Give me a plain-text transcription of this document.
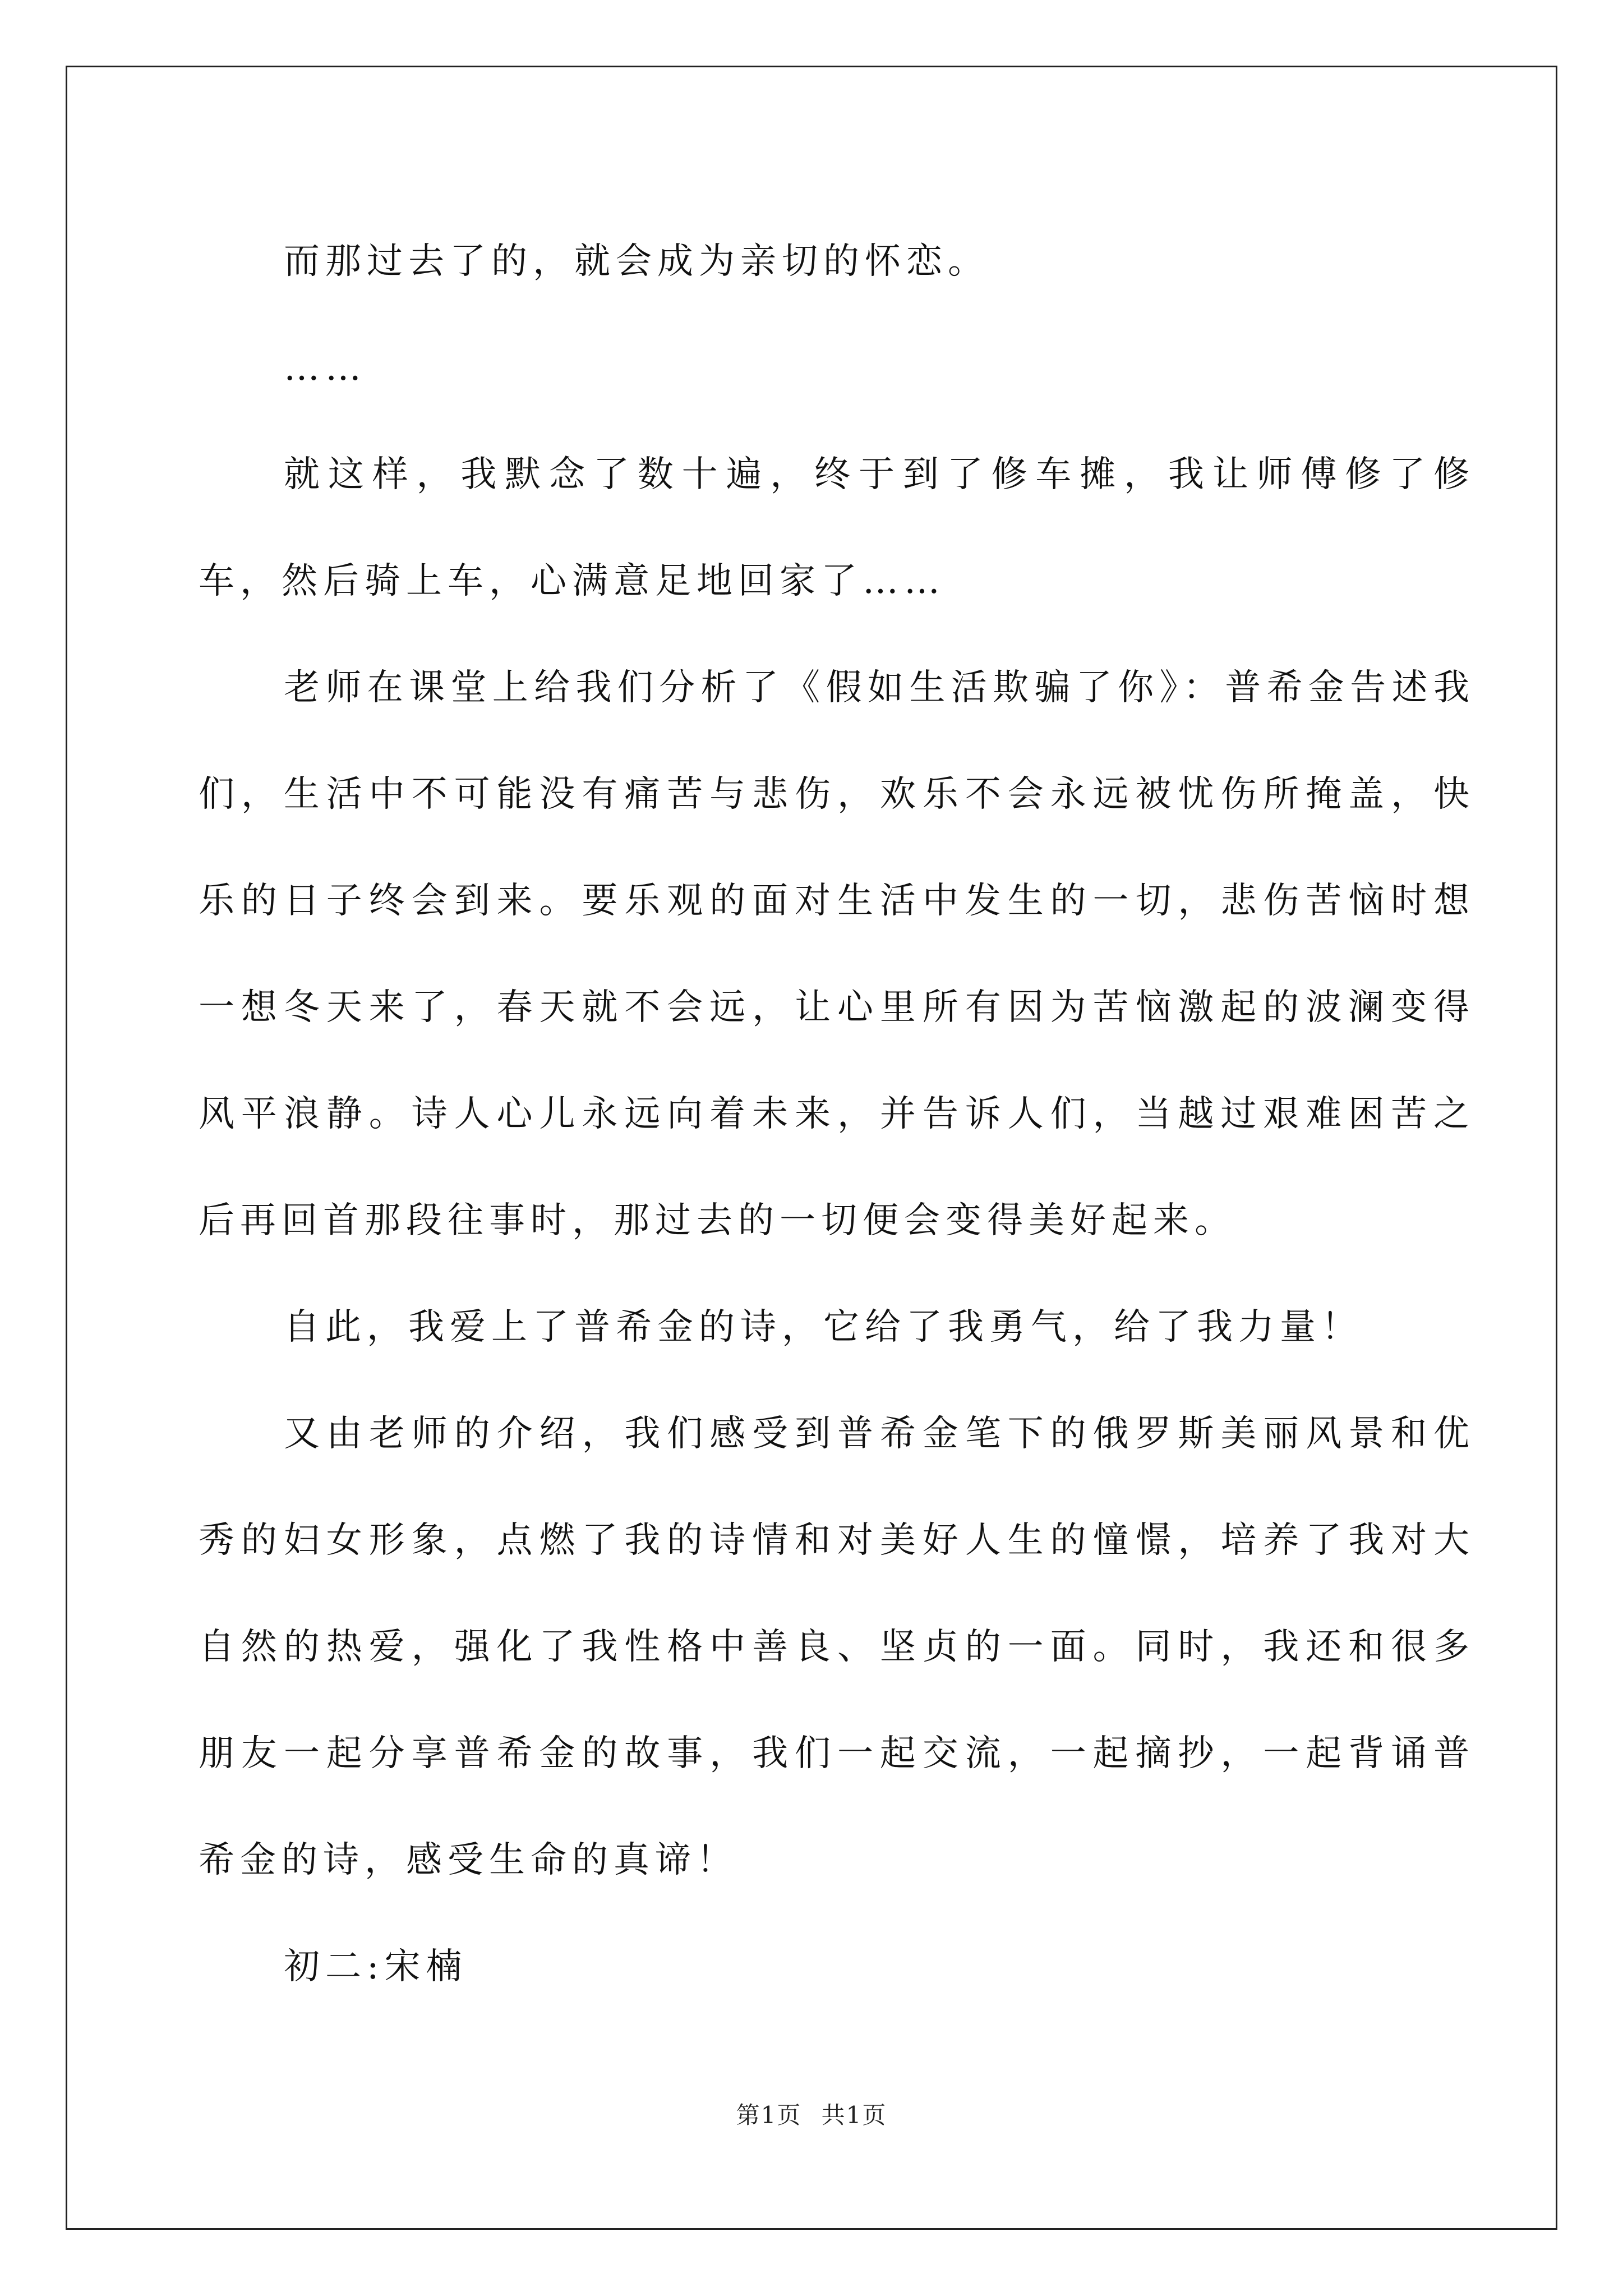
而那过去了的，就会成为亲切的怀恋。

……

就这样，我默念了数十遍，终于到了修车摊，我让师傅修了修车，然后骑上车，心满意足地回家了……

老师在课堂上给我们分析了《假如生活欺骗了你》：普希金告述我们，生活中不可能没有痛苦与悲伤，欢乐不会永远被忧伤所掩盖，快乐的日子终会到来。要乐观的面对生活中发生的一切，悲伤苦恼时想一想冬天来了，春天就不会远，让心里所有因为苦恼激起的波澜变得风平浪静。诗人心儿永远向着未来，并告诉人们，当越过艰难困苦之后再回首那段往事时，那过去的一切便会变得美好起来。

自此，我爱上了普希金的诗，它给了我勇气，给了我力量！

又由老师的介绍，我们感受到普希金笔下的俄罗斯美丽风景和优秀的妇女形象，点燃了我的诗情和对美好人生的憧憬，培养了我对大自然的热爱，强化了我性格中善良、坚贞的一面。同时，我还和很多朋友一起分享普希金的故事，我们一起交流，一起摘抄，一起背诵普希金的诗，感受生命的真谛！

初二:宋楠

第1页 共1页
